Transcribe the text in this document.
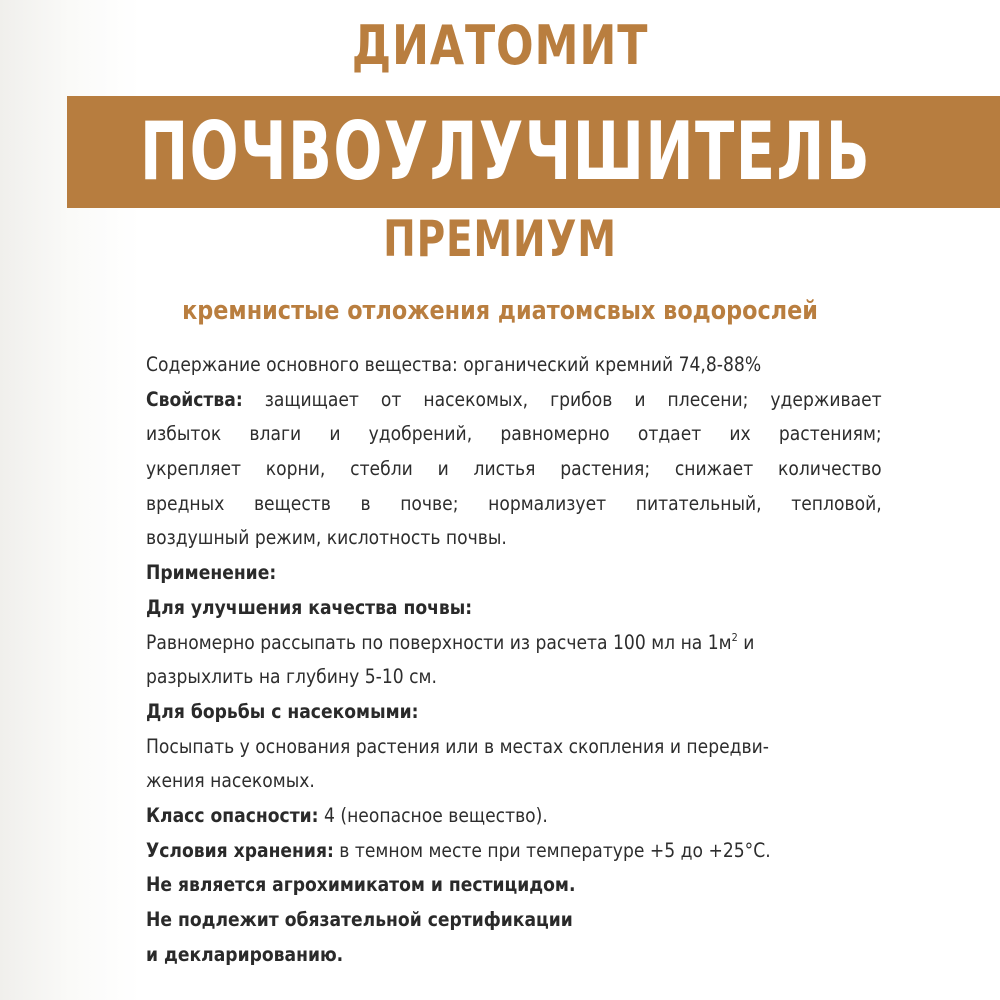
ДИАТОМИТ
ПОЧВОУЛУЧШИТЕЛЬ
ПРЕМИУМ
кремнистые отложения диатомсвых водорослей
Содержание основного вещества: органический кремний 74,8-88%
Свойства: защищает от насекомых, грибов и плесени; удерживает
избыток влаги и удобрений, равномерно отдает их растениям;
укрепляет корни, стебли и листья растения; снижает количество
вредных веществ в почве; нормализует питательный, тепловой,
воздушный режим, кислотность почвы.
Применение:
Для улучшения качества почвы:
Равномерно рассыпать по поверхности из расчета 100 мл на $1м^2$ и
разрыхлить на глубину 5-10 см.
Для борьбы с насекомыми:
Посыпать у основания растения или в местах скопления и передви-
жения насекомых.
Класс опасности: 4 (неопасное вещество).
Условия хранения: в темном месте при температуре +5 до +25°C.
Не является агрохимикатом и пестицидом.
Не подлежит обязательной сертификации
и декларированию.
